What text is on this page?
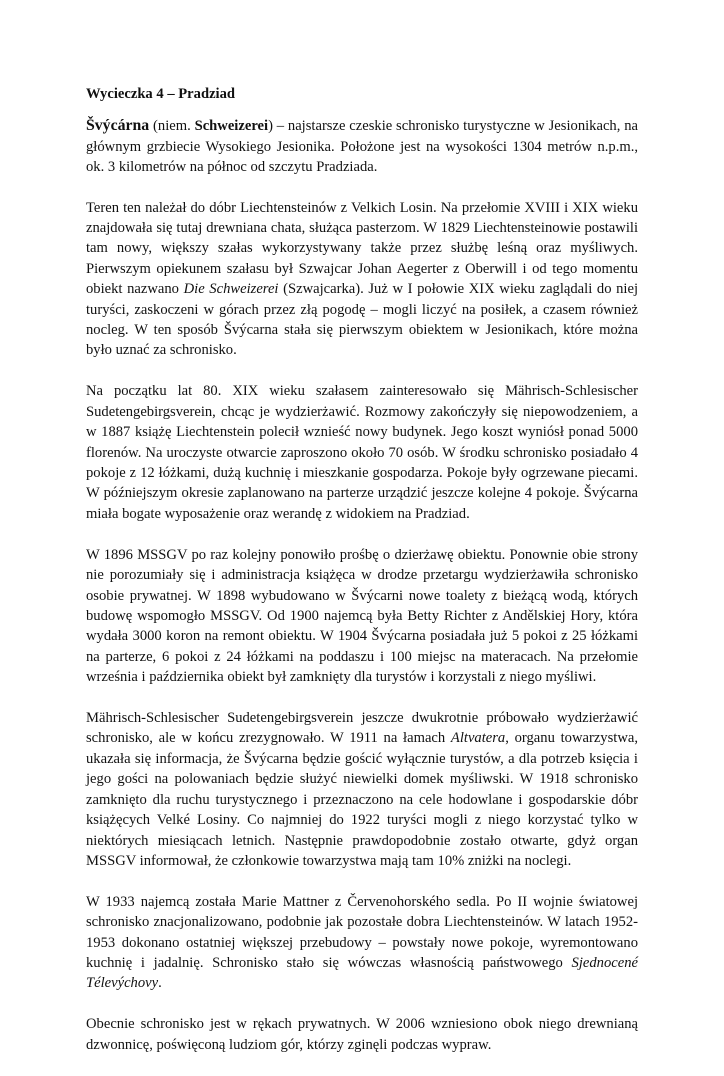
Wycieczka 4 – Pradziad

Švýcárna (niem. Schweizerei) – najstarsze czeskie schronisko turystyczne w Jesionikach, na głównym grzbiecie Wysokiego Jesionika. Położone jest na wysokości 1304 metrów n.p.m., ok. 3 kilometrów na północ od szczytu Pradziada.

Teren ten należał do dóbr Liechtensteinów z Velkich Losin. Na przełomie XVIII i XIX wieku znajdowała się tutaj drewniana chata, służąca pasterzom. W 1829 Liechtensteinowie postawili tam nowy, większy szałas wykorzystywany także przez służbę leśną oraz myśliwych. Pierwszym opiekunem szałasu był Szwajcar Johan Aegerter z Oberwill i od tego momentu obiekt nazwano Die Schweizerei (Szwajcarka). Już w I połowie XIX wieku zaglądali do niej turyści, zaskoczeni w górach przez złą pogodę – mogli liczyć na posiłek, a czasem również nocleg. W ten sposób Švýcarna stała się pierwszym obiektem w Jesionikach, które można było uznać za schronisko.

Na początku lat 80. XIX wieku szałasem zainteresowało się Mährisch-Schlesischer Sudetengebirgsverein, chcąc je wydzierżawić. Rozmowy zakończyły się niepowodzeniem, a w 1887 książę Liechtenstein polecił wznieść nowy budynek. Jego koszt wyniósł ponad 5000 florenów. Na uroczyste otwarcie zaproszono około 70 osób. W środku schronisko posiadało 4 pokoje z 12 łóżkami, dużą kuchnię i mieszkanie gospodarza. Pokoje były ogrzewane piecami. W późniejszym okresie zaplanowano na parterze urządzić jeszcze kolejne 4 pokoje. Švýcarna miała bogate wyposażenie oraz werandę z widokiem na Pradziad.

W 1896 MSSGV po raz kolejny ponowiło prośbę o dzierżawę obiektu. Ponownie obie strony nie porozumiały się i administracja książęca w drodze przetargu wydzierżawiła schronisko osobie prywatnej. W 1898 wybudowano w Švýcarni nowe toalety z bieżącą wodą, których budowę wspomogło MSSGV. Od 1900 najemcą była Betty Richter z Andělskiej Hory, która wydała 3000 koron na remont obiektu. W 1904 Švýcarna posiadała już 5 pokoi z 25 łóżkami na parterze, 6 pokoi z 24 łóżkami na poddaszu i 100 miejsc na materacach. Na przełomie września i października obiekt był zamknięty dla turystów i korzystali z niego myśliwi.

Mährisch-Schlesischer Sudetengebirgsverein jeszcze dwukrotnie próbowało wydzierżawić schronisko, ale w końcu zrezygnowało. W 1911 na łamach Altvatera, organu towarzystwa, ukazała się informacja, że Švýcarna będzie gościć wyłącznie turystów, a dla potrzeb księcia i jego gości na polowaniach będzie służyć niewielki domek myśliwski. W 1918 schronisko zamknięto dla ruchu turystycznego i przeznaczono na cele hodowlane i gospodarskie dóbr książęcych Velké Losiny. Co najmniej do 1922 turyści mogli z niego korzystać tylko w niektórych miesiącach letnich. Następnie prawdopodobnie zostało otwarte, gdyż organ MSSGV informował, że członkowie towarzystwa mają tam 10% zniżki na noclegi.

W 1933 najemcą została Marie Mattner z Červenohorského sedla. Po II wojnie światowej schronisko znacjonalizowano, podobnie jak pozostałe dobra Liechtensteinów. W latach 1952-1953 dokonano ostatniej większej przebudowy – powstały nowe pokoje, wyremontowano kuchnię i jadalnię. Schronisko stało się wówczas własnością państwowego Sjednocené Télevýchovy.

Obecnie schronisko jest w rękach prywatnych. W 2006 wzniesiono obok niego drewnianą dzwonnicę, poświęconą ludziom gór, którzy zginęli podczas wypraw.
